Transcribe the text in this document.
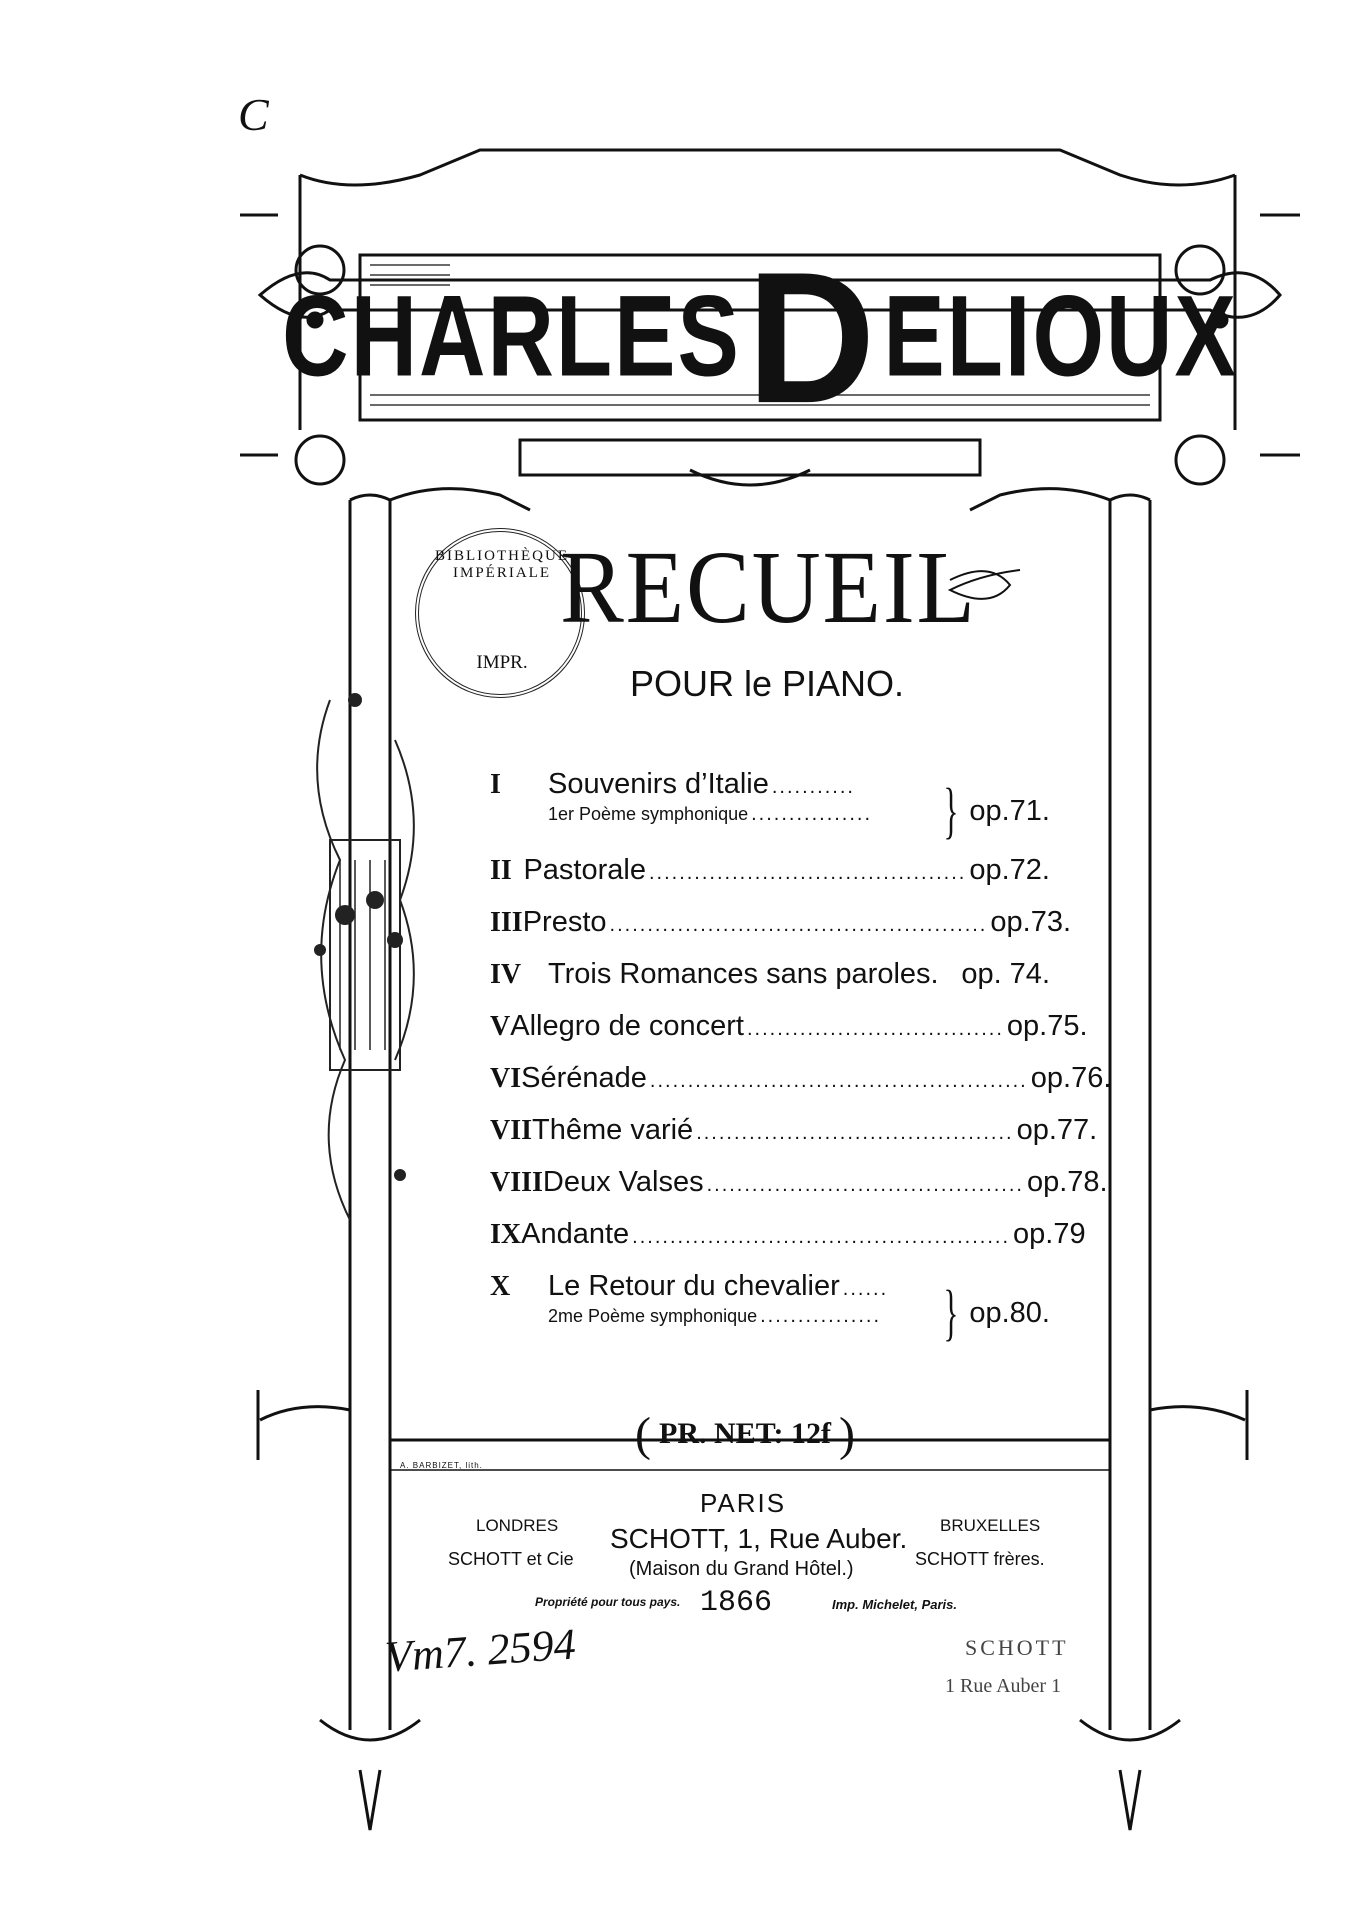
C
CHARLES D ELIOUX
BIBLIOTHÈQUE IMPÉRIALE
IMPR.
RECUEIL
POUR le PIANO.
I	Souvenirs d’Italie ...........
1er Poème symphonique ................	} op.71.
II Pastorale .......................................... op.72.
III Presto .................................................. op.73.
IV Trois Romances sans paroles. op. 74.
V Allegro de concert .................................. op.75.
VI Sérénade .................................................. op.76.
VII Thême varié .......................................... op.77.
VIII Deux Valses .......................................... op.78.
IX Andante .................................................. op.79
X	Le Retour du chevalier ......
2me Poème symphonique ................	} op.80.
( PR. NET: 12f )
A. BARBIZET, lith.
PARIS
SCHOTT, 1, Rue Auber.
(Maison du Grand Hôtel.)
LONDRES
SCHOTT et Cie
BRUXELLES
SCHOTT frères.
Propriété pour tous pays. 1866	Imp. Michelet, Paris.
Vm7. 2594	SCHOTT
1 Rue Auber 1
